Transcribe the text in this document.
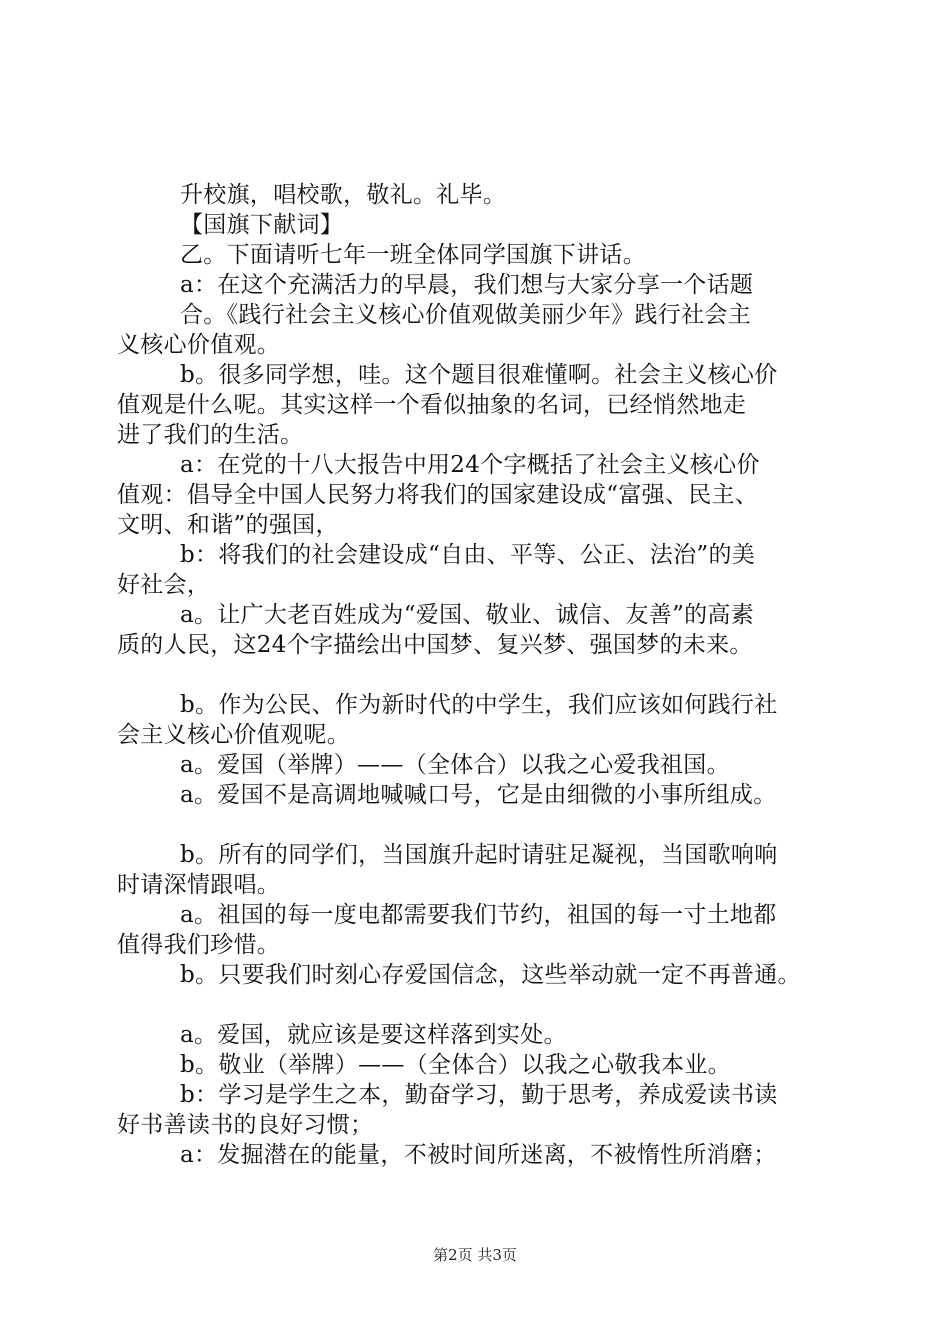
升校旗，唱校歌，敬礼。礼毕。
【国旗下献词】
乙。下面请听七年一班全体同学国旗下讲话。
a：在这个充满活力的早晨，我们想与大家分享一个话题
合。《践行社会主义核心价值观做美丽少年》践行社会主
义核心价值观。
b。很多同学想，哇。这个题目很难懂啊。社会主义核心价
值观是什么呢。其实这样一个看似抽象的名词，已经悄然地走
进了我们的生活。
a：在党的十八大报告中用24个字概括了社会主义核心价
值观：倡导全中国人民努力将我们的国家建设成“富强、民主、
文明、和谐”的强国，
b：将我们的社会建设成“自由、平等、公正、法治”的美
好社会，
a。让广大老百姓成为“爱国、敬业、诚信、友善”的高素
质的人民，这24个字描绘出中国梦、复兴梦、强国梦的未来。
b。作为公民、作为新时代的中学生，我们应该如何践行社
会主义核心价值观呢。
a。爱国（举牌）——（全体合）以我之心爱我祖国。
a。爱国不是高调地喊喊口号，它是由细微的小事所组成。
b。所有的同学们，当国旗升起时请驻足凝视，当国歌响响
时请深情跟唱。
a。祖国的每一度电都需要我们节约，祖国的每一寸土地都
值得我们珍惜。
b。只要我们时刻心存爱国信念，这些举动就一定不再普通。
a。爱国，就应该是要这样落到实处。
b。敬业（举牌）——（全体合）以我之心敬我本业。
b：学习是学生之本，勤奋学习，勤于思考，养成爱读书读
好书善读书的良好习惯；
a：发掘潜在的能量，不被时间所迷离，不被惰性所消磨；
第2页 共3页
